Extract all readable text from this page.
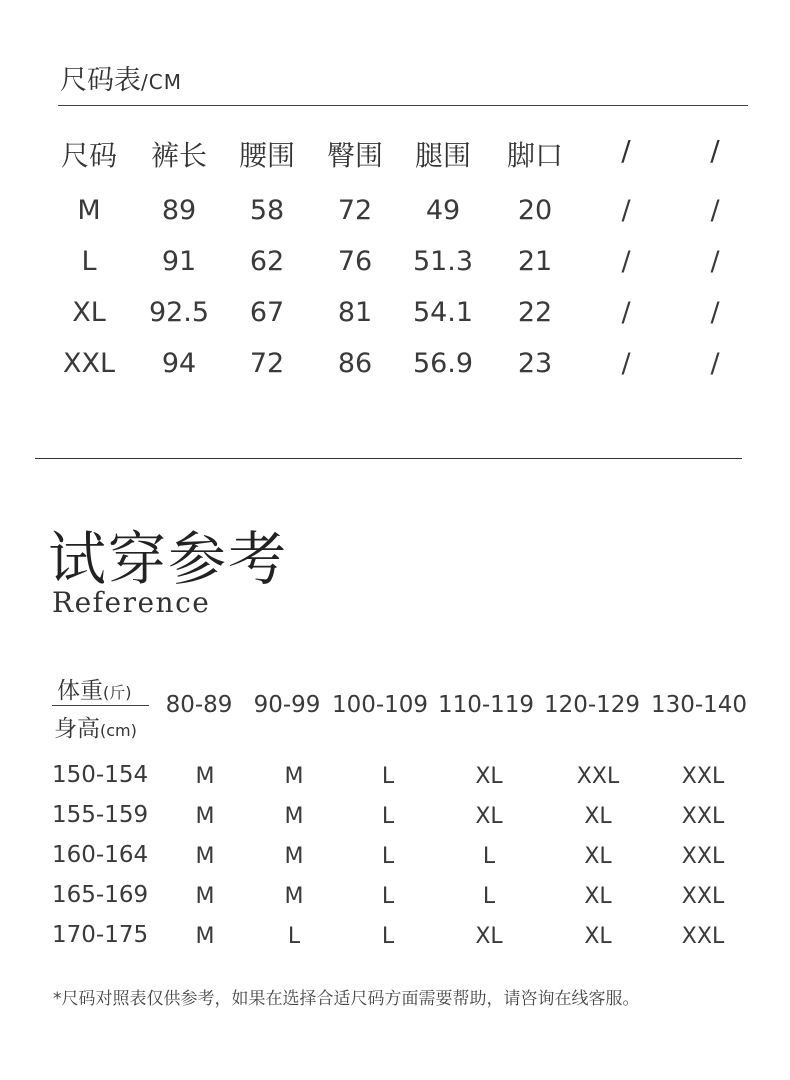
尺码表/CM
尺码	裤长	腰围	臀围	腿围	脚口	/	/
M	89	58	72	49	20	/	/
L	91	62	76	51.3	21	/	/
XL	92.5	67	81	54.1	22	/	/
XXL	94	72	86	56.9	23	/	/
试穿参考
Reference
体重(斤)
身高(cm)
80-89 90-99 100-109 110-119 120-129 130-140
150-154	M	M	L	XL	XXL	XXL
155-159	M	M	L	XL	XL	XXL
160-164	M	M	L	L	XL	XXL
165-169	M	M	L	L	XL	XXL
170-175	M	L	L	XL	XL	XXL
*尺码对照表仅供参考，如果在选择合适尺码方面需要帮助，请咨询在线客服。
